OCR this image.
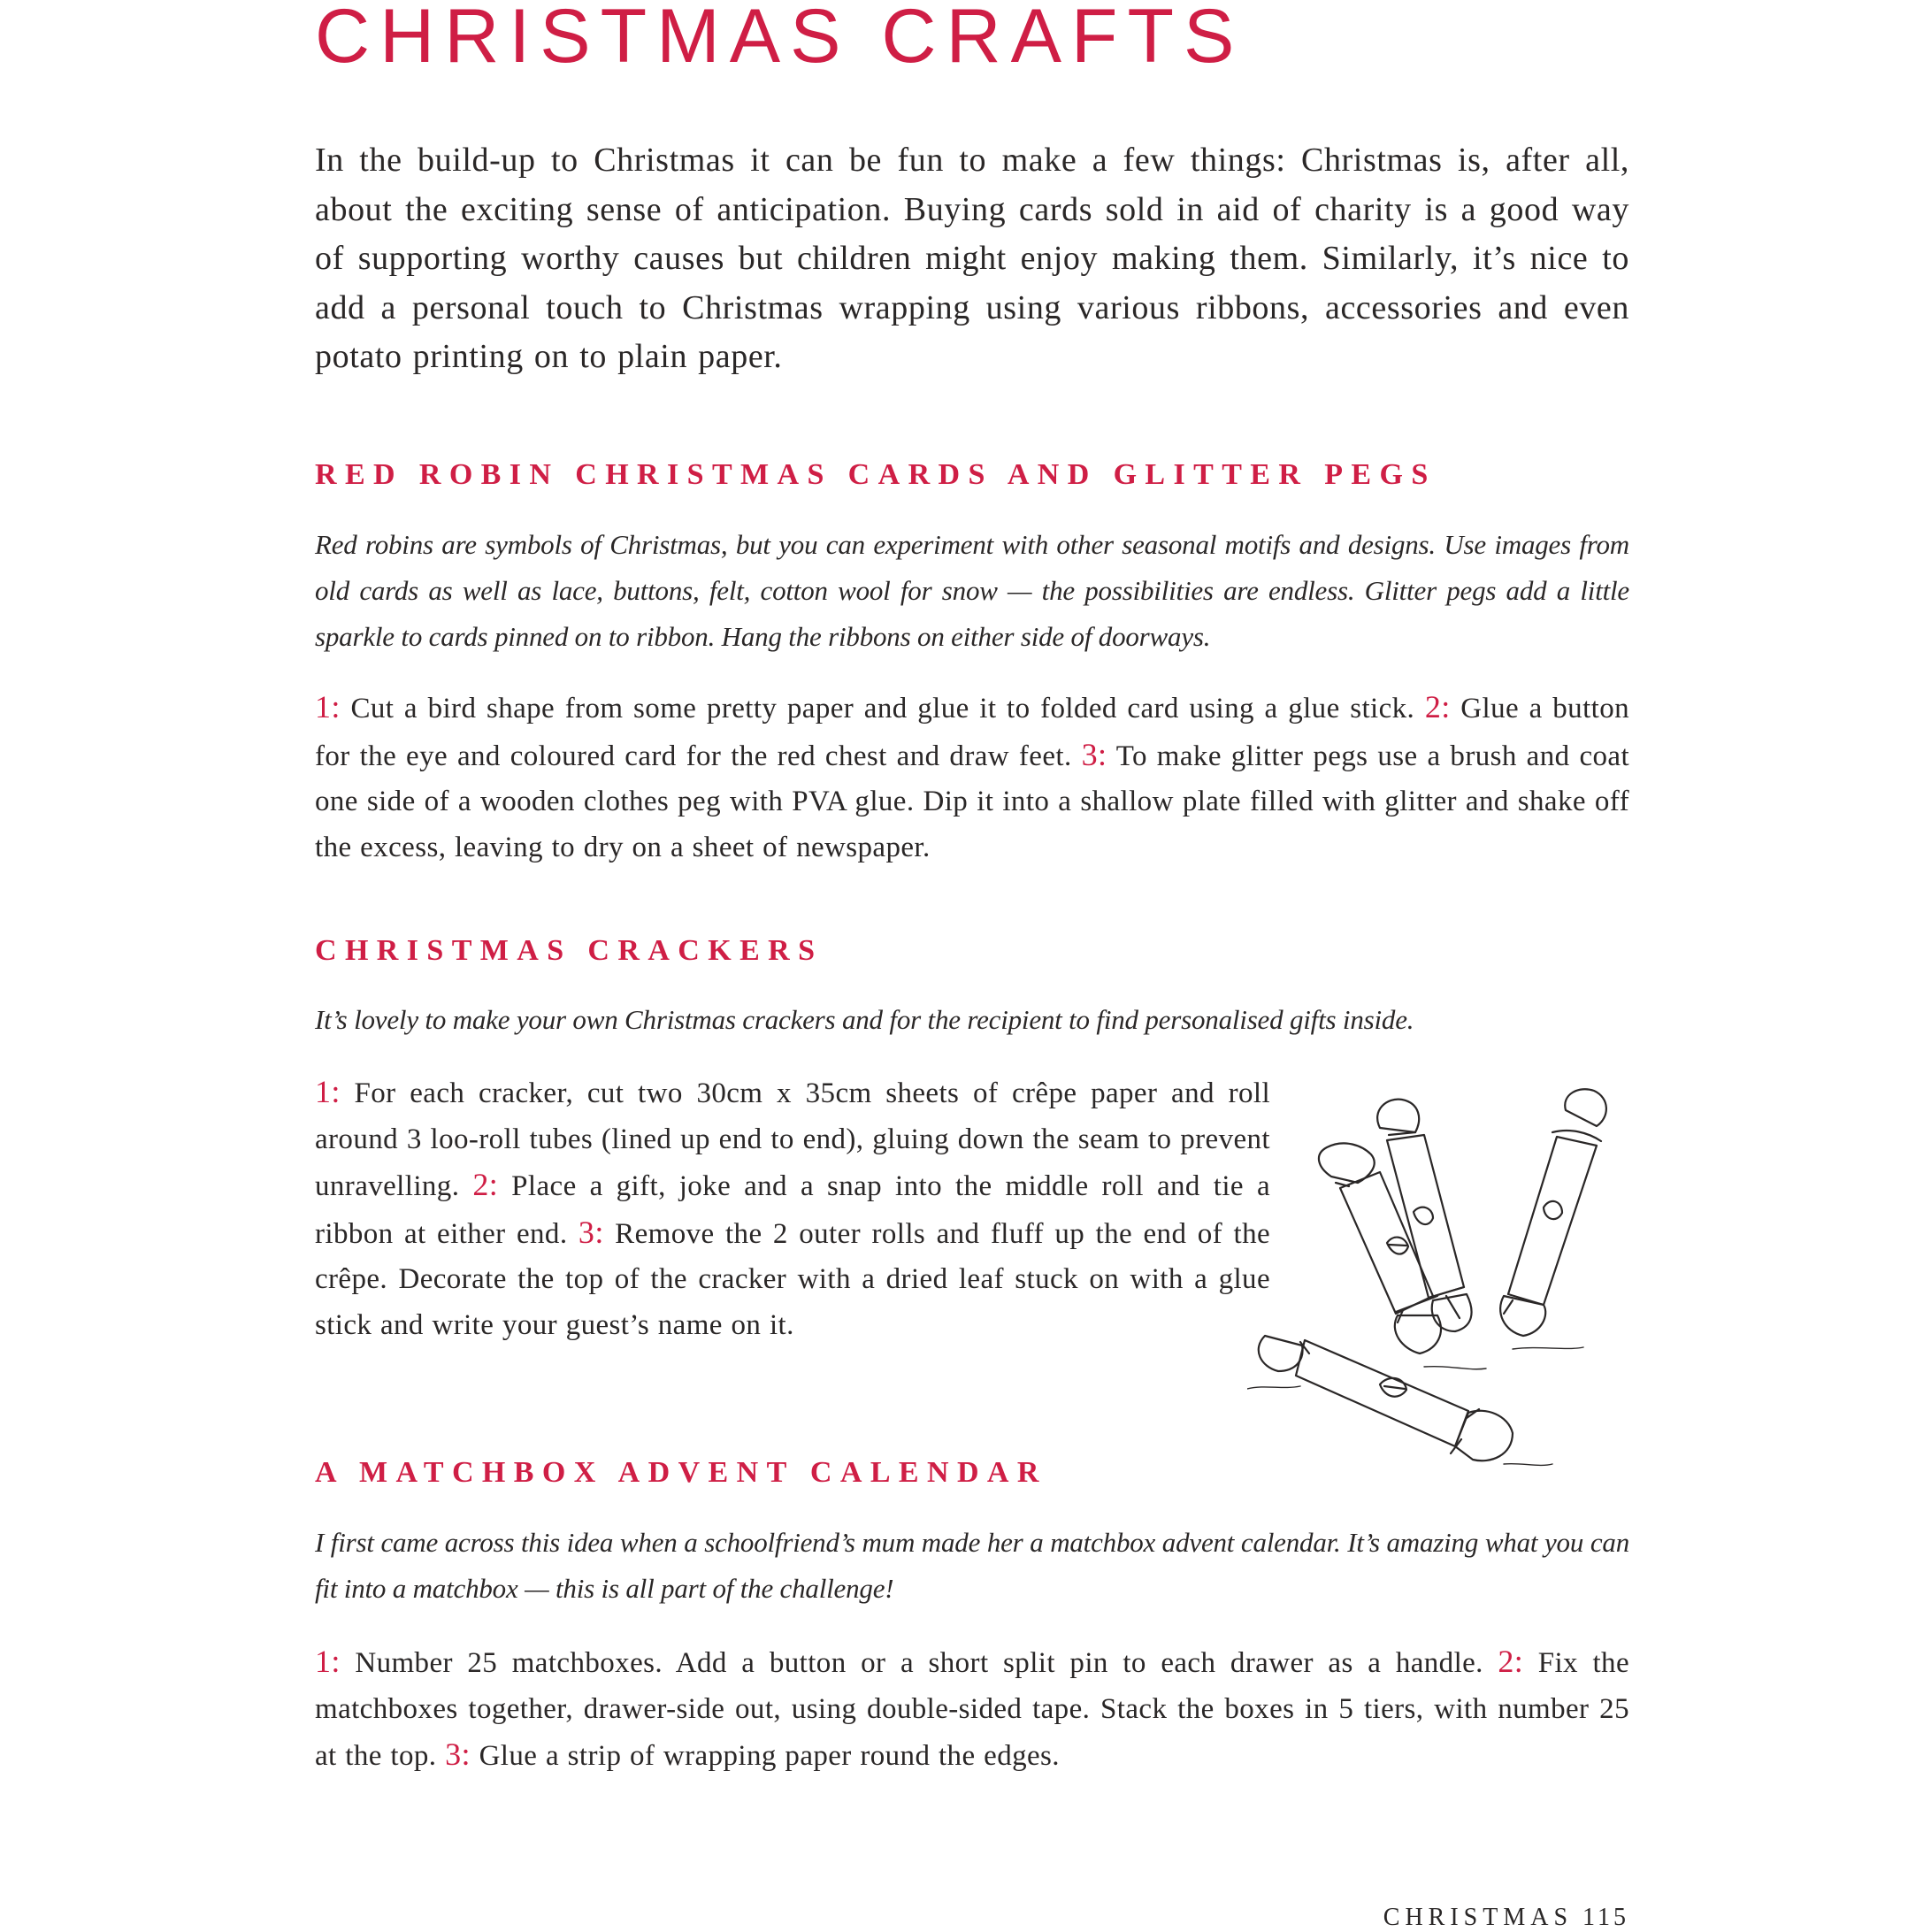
CHRISTMAS CRAFTS

In the build-up to Christmas it can be fun to make a few things: Christmas is, after all, about the exciting sense of anticipation. Buying cards sold in aid of charity is a good way of supporting worthy causes but children might enjoy making them. Similarly, it’s nice to add a personal touch to Christmas wrapping using various ribbons, accessories and even potato printing on to plain paper.

RED ROBIN CHRISTMAS CARDS AND GLITTER PEGS

Red robins are symbols of Christmas, but you can experiment with other seasonal motifs and designs. Use images from old cards as well as lace, buttons, felt, cotton wool for snow — the possibilities are endless. Glitter pegs add a little sparkle to cards pinned on to ribbon. Hang the ribbons on either side of doorways.

1: Cut a bird shape from some pretty paper and glue it to folded card using a glue stick. 2: Glue a button for the eye and coloured card for the red chest and draw feet. 3: To make glitter pegs use a brush and coat one side of a wooden clothes peg with PVA glue. Dip it into a shallow plate filled with glitter and shake off the excess, leaving to dry on a sheet of newspaper.

CHRISTMAS CRACKERS

It’s lovely to make your own Christmas crackers and for the recipient to find personalised gifts inside.

1: For each cracker, cut two 30cm x 35cm sheets of crêpe paper and roll around 3 loo-roll tubes (lined up end to end), gluing down the seam to prevent unravelling. 2: Place a gift, joke and a snap into the middle roll and tie a ribbon at either end. 3: Remove the 2 outer rolls and fluff up the end of the crêpe. Decorate the top of the cracker with a dried leaf stuck on with a glue stick and write your guest’s name on it.

A MATCHBOX ADVENT CALENDAR

I first came across this idea when a schoolfriend’s mum made her a matchbox advent calendar. It’s amazing what you can fit into a matchbox — this is all part of the challenge!

1: Number 25 matchboxes. Add a button or a short split pin to each drawer as a handle. 2: Fix the matchboxes together, drawer-side out, using double-sided tape. Stack the boxes in 5 tiers, with number 25 at the top. 3: Glue a strip of wrapping paper round the edges.

CHRISTMAS 115
